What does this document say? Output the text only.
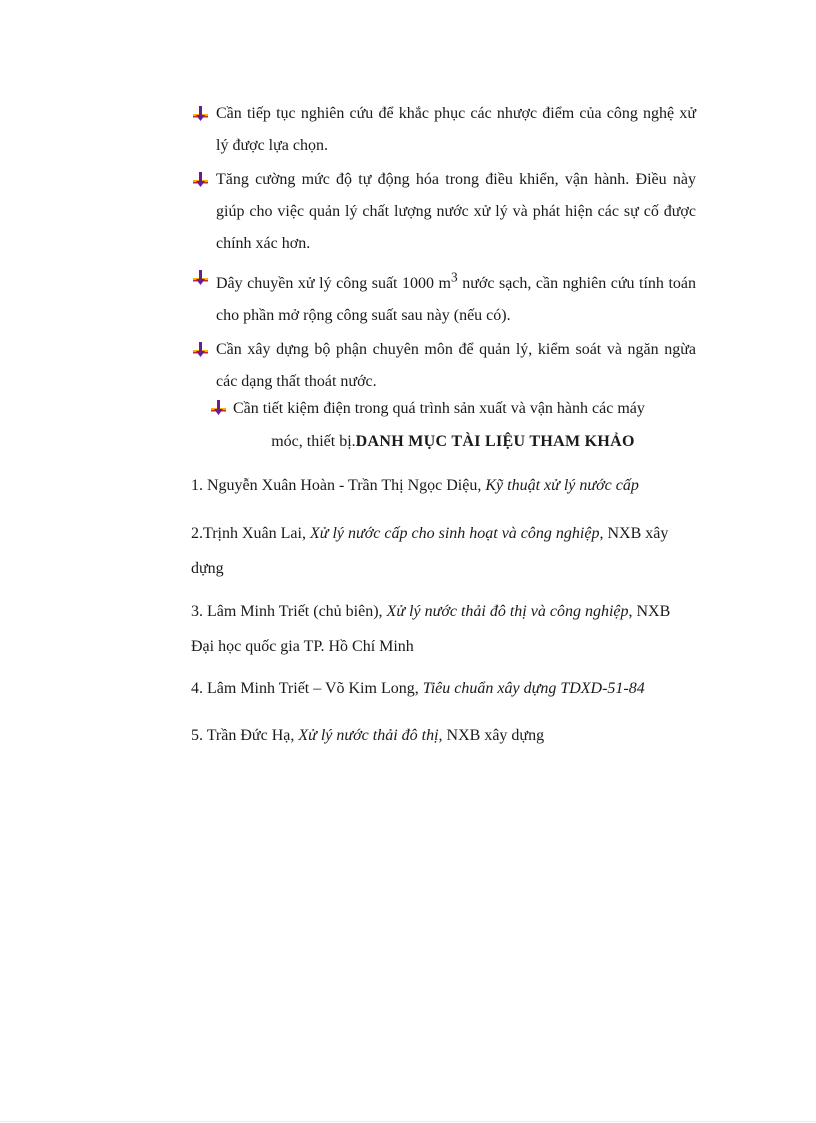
Cần tiếp tục nghiên cứu để khắc phục các nhược điểm của công nghệ xử lý được lựa chọn.
Tăng cường mức độ tự động hóa trong điều khiển, vận hành. Điều này giúp cho việc quản lý chất lượng nước xử lý và phát hiện các sự cố được chính xác hơn.
Dây chuyền xử lý công suất 1000 $m^3$ nước sạch, cần nghiên cứu tính toán cho phần mở rộng công suất sau này (nếu có).
Cần xây dựng bộ phận chuyên môn để quản lý, kiểm soát và ngăn ngừa các dạng thất thoát nước.
Cần tiết kiệm điện trong quá trình sản xuất và vận hành các máy
móc, thiết bị.DANH MỤC TÀI LIỆU THAM KHẢO
1. Nguyễn Xuân Hoàn - Trần Thị Ngọc Diệu, Kỹ thuật xử lý nước cấp
2.Trịnh Xuân Lai, Xử lý nước cấp cho sinh hoạt và công nghiệp, NXB xây dựng
3. Lâm Minh Triết (chủ biên), Xử lý nước thải đô thị và công nghiệp, NXB Đại học quốc gia TP. Hồ Chí Minh
4. Lâm Minh Triết – Võ Kim Long, Tiêu chuẩn xây dựng TDXD-51-84
5. Trần Đức Hạ, Xử lý nước thải đô thị, NXB xây dựng
